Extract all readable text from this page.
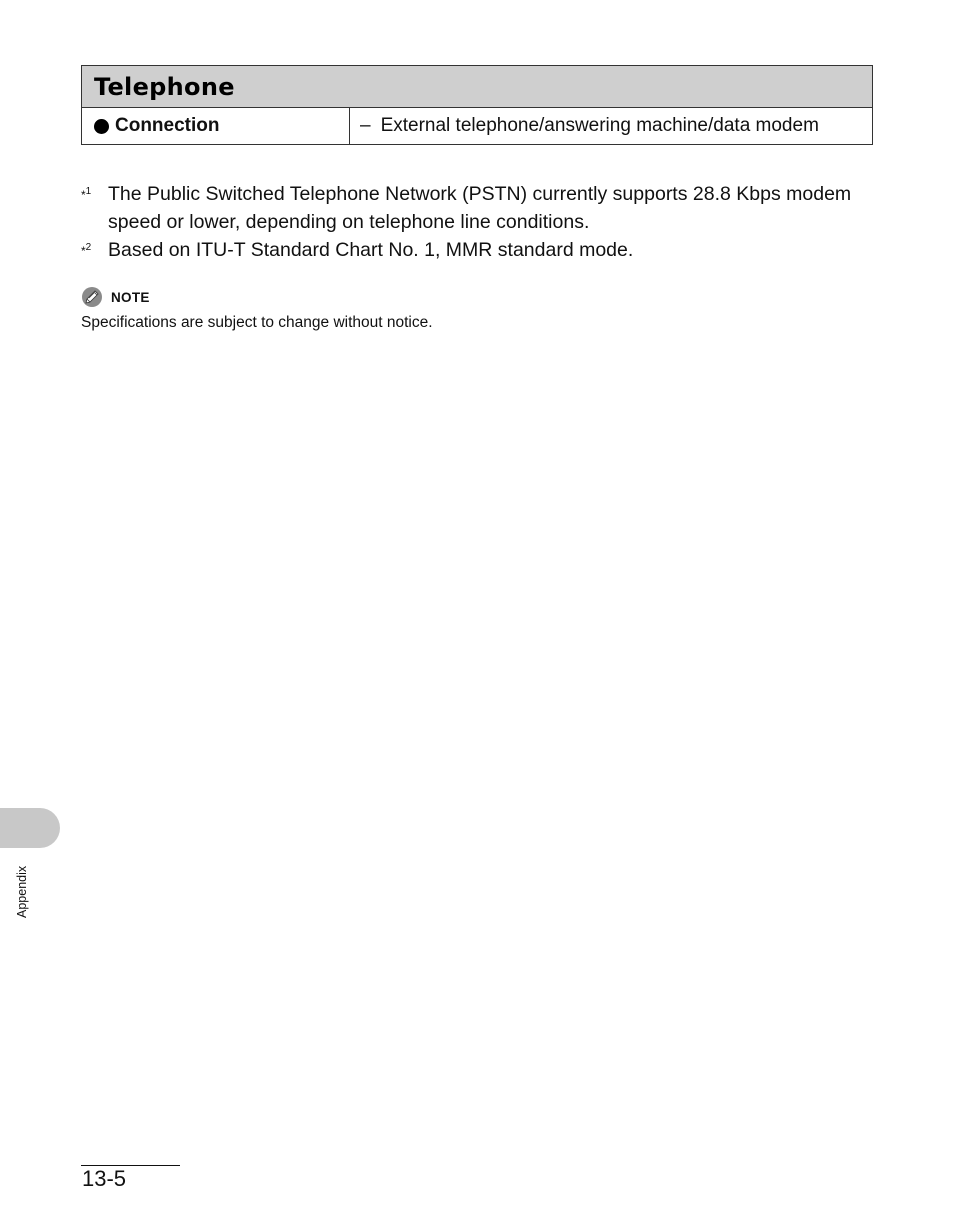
Telephone
Connection	– External telephone/answering machine/data modem
*$^1$ The Public Switched Telephone Network (PSTN) currently supports 28.8 Kbps modem speed or lower, depending on telephone line conditions.
*$^2$ Based on ITU-T Standard Chart No. 1, MMR standard mode.
NOTE
Specifications are subject to change without notice.
Appendix
13-5
